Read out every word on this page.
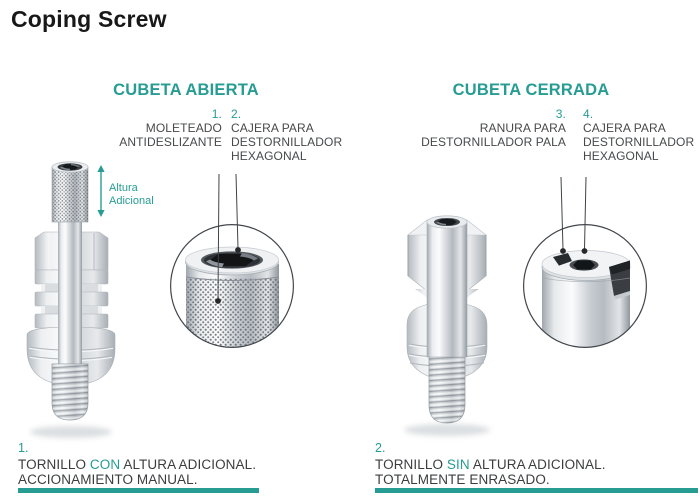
Coping Screw
CUBETA ABIERTA	CUBETA CERRADA
1.
MOLETEADO
ANTIDESLIZANTE
2.
CAJERA PARA
DESTORNILLADOR
HEXAGONAL
3.
RANURA PARA
DESTORNILLADOR PALA
4.
CAJERA PARA
DESTORNILLADOR
HEXAGONAL
Altura
Adicional
1.
TORNILLO CON ALTURA ADICIONAL.
ACCIONAMIENTO MANUAL.
2.
TORNILLO SIN ALTURA ADICIONAL.
TOTALMENTE ENRASADO.
